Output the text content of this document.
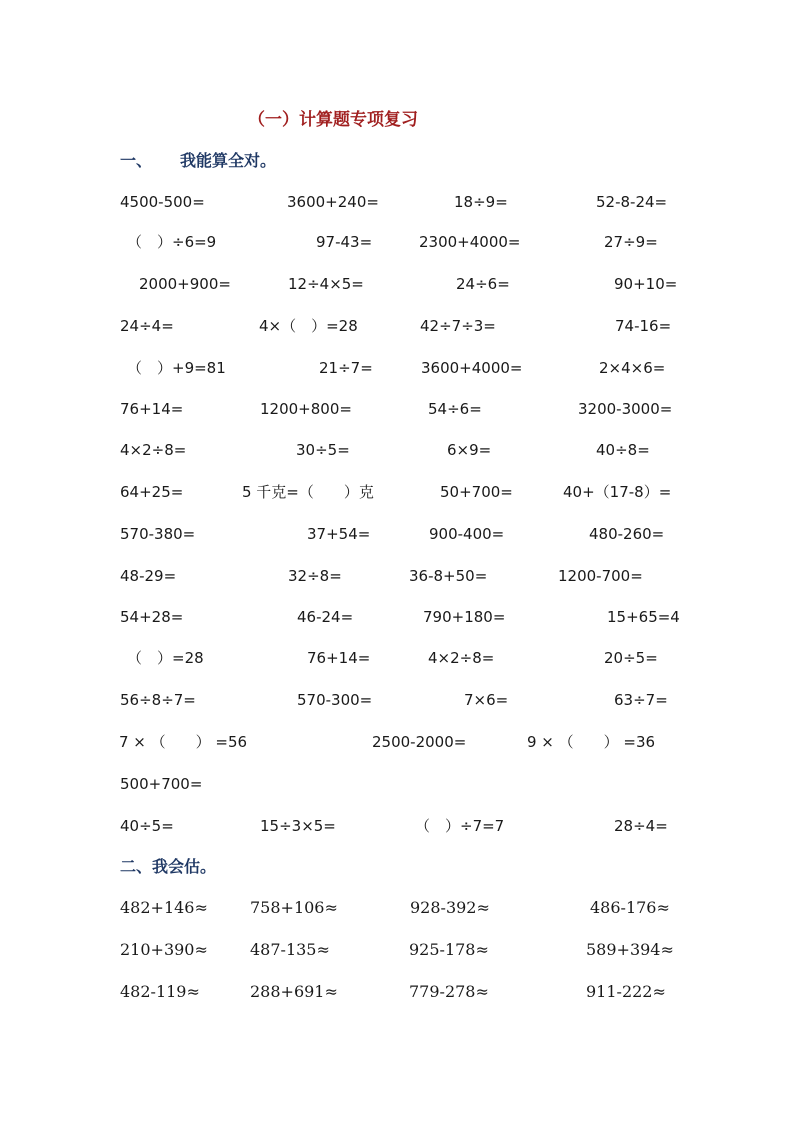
（一）计算题专项复习
一、 我能算全对。
4500-500=	3600+240=	18÷9=	52-8-24=
（　）÷6=9	97-43=	2300+4000=	27÷9=
2000+900=	12÷4×5=	24÷6=	90+10=
24÷4=	4×（　）=28	42÷7÷3=	74-16=
（　）+9=81	21÷7=	3600+4000=	2×4×6=
76+14=	1200+800=	54÷6=	3200-3000=
4×2÷8=	30÷5=	6×9=	40÷8=
64+25=	5 千克=（　　）克	50+700=	40+（17-8）=
570-380=	37+54=	900-400=	480-260=
48-29=	32÷8=	36-8+50=	1200-700=
54+28=	46-24=	790+180=	15+65=4
（　）=28	76+14=	4×2÷8=	20÷5=
56÷8÷7=	570-300=	7×6=	63÷7=
7 × （　　） =56	2500-2000=	9 × （　　） =36
500+700=
40÷5=	15÷3×5=	（　）÷7=7	28÷4=
二、我会估。
482+146≈	758+106≈	928-392≈	486-176≈
210+390≈	487-135≈	925-178≈	589+394≈
482-119≈	288+691≈	779-278≈	911-222≈
